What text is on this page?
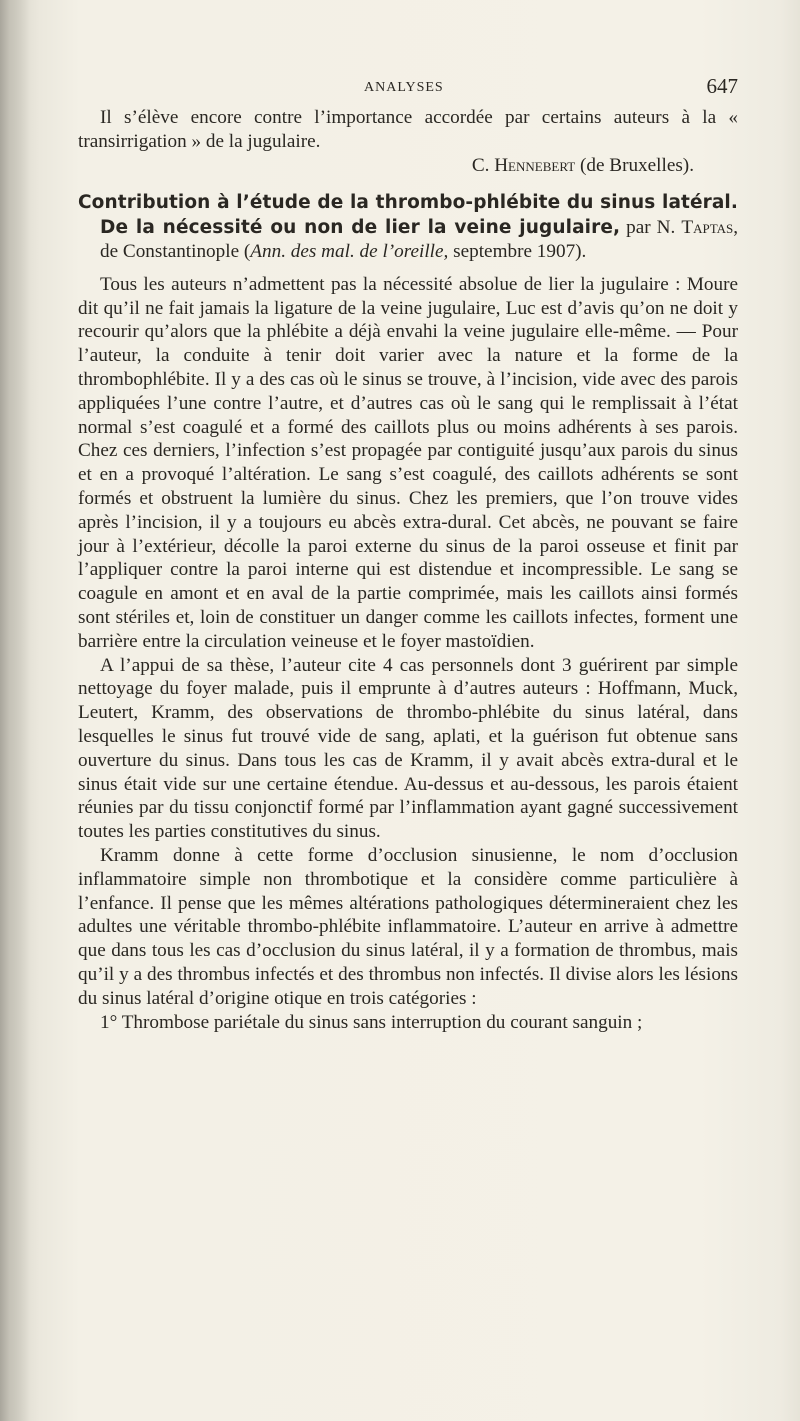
ANALYSES	647

Il s’élève encore contre l’importance accordée par certains auteurs à la « transirrigation » de la jugulaire.

C. Hennebert (de Bruxelles).

Contribution à l’étude de la thrombo-phlébite du sinus latéral. De la nécessité ou non de lier la veine jugulaire, par N. Taptas, de Constantinople (Ann. des mal. de l’oreille, septembre 1907).

Tous les auteurs n’admettent pas la nécessité absolue de lier la jugulaire : Moure dit qu’il ne fait jamais la ligature de la veine jugulaire, Luc est d’avis qu’on ne doit y recourir qu’alors que la phlébite a déjà envahi la veine jugulaire elle-même. — Pour l’auteur, la conduite à tenir doit varier avec la nature et la forme de la thrombophlébite. Il y a des cas où le sinus se trouve, à l’incision, vide avec des parois appliquées l’une contre l’autre, et d’autres cas où le sang qui le remplissait à l’état normal s’est coagulé et a formé des caillots plus ou moins adhérents à ses parois. Chez ces derniers, l’infection s’est propagée par contiguité jusqu’aux parois du sinus et en a provoqué l’altération. Le sang s’est coagulé, des caillots adhérents se sont formés et obstruent la lumière du sinus. Chez les premiers, que l’on trouve vides après l’incision, il y a toujours eu abcès extra-dural. Cet abcès, ne pouvant se faire jour à l’extérieur, décolle la paroi externe du sinus de la paroi osseuse et finit par l’appliquer contre la paroi interne qui est distendue et incompressible. Le sang se coagule en amont et en aval de la partie comprimée, mais les caillots ainsi formés sont stériles et, loin de constituer un danger comme les caillots infectes, forment une barrière entre la circulation veineuse et le foyer mastoïdien.

A l’appui de sa thèse, l’auteur cite 4 cas personnels dont 3 guérirent par simple nettoyage du foyer malade, puis il emprunte à d’autres auteurs : Hoffmann, Muck, Leutert, Kramm, des observations de thrombo-phlébite du sinus latéral, dans lesquelles le sinus fut trouvé vide de sang, aplati, et la guérison fut obtenue sans ouverture du sinus. Dans tous les cas de Kramm, il y avait abcès extra-dural et le sinus était vide sur une certaine étendue. Au-dessus et au-dessous, les parois étaient réunies par du tissu conjonctif formé par l’inflammation ayant gagné successivement toutes les parties constitutives du sinus.

Kramm donne à cette forme d’occlusion sinusienne, le nom d’occlusion inflammatoire simple non thrombotique et la considère comme particulière à l’enfance. Il pense que les mêmes altérations pathologiques détermineraient chez les adultes une véritable thrombo-phlébite inflammatoire. L’auteur en arrive à admettre que dans tous les cas d’occlusion du sinus latéral, il y a formation de thrombus, mais qu’il y a des thrombus infectés et des thrombus non infectés. Il divise alors les lésions du sinus latéral d’origine otique en trois catégories :

1° Thrombose pariétale du sinus sans interruption du courant sanguin ;
